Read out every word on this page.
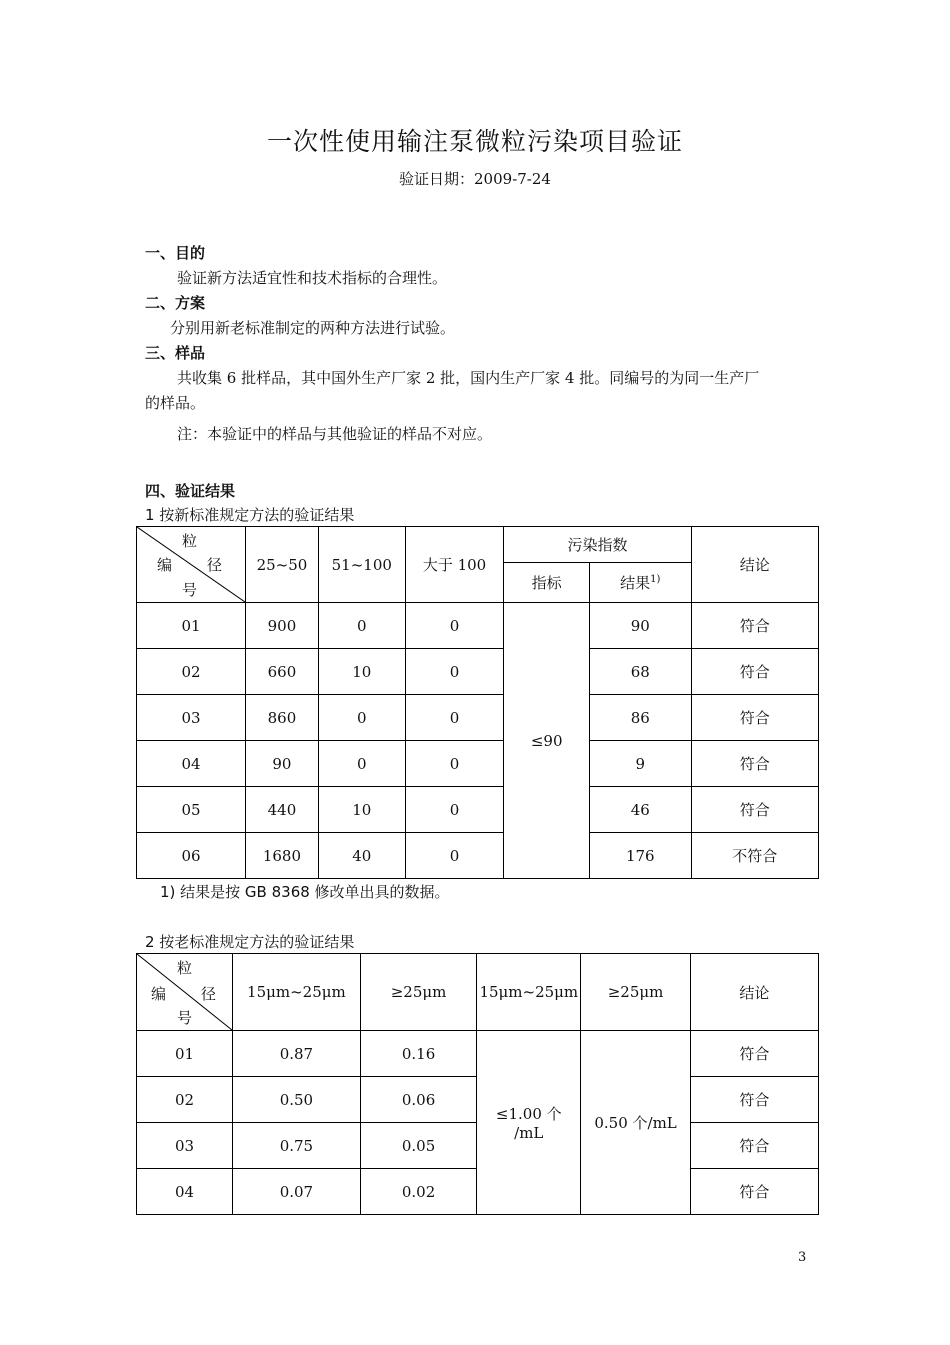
一次性使用输注泵微粒污染项目验证
验证日期：2009-7-24
一、目的
验证新方法适宜性和技术指标的合理性。
二、方案
分别用新老标准制定的两种方法进行试验。
三、样品
共收集 6 批样品，其中国外生产厂家 2 批，国内生产厂家 4 批。同编号的为同一生产厂
的样品。
注：本验证中的样品与其他验证的样品不对应。
四、验证结果
1 按新标准规定方法的验证结果
粒
编 径
号	25~50	51~100	大于 100	污染指数		结论
				指标	结果$^{1)}$
01	900	0	0	≤90	90	符合
02	660	10	0		68	符合
03	860	0	0		86	符合
04	90	0	0		9	符合
05	440	10	0		46	符合
06	1680	40	0		176	不符合
1) 结果是按 GB 8368 修改单出具的数据。
2 按老标准规定方法的验证结果
粒
编 径
号	15μm~25μm	≥25μm	15μm~25μm	≥25μm	结论
01	0.87	0.16	≤1.00 个
/mL	0.50 个/mL	符合
02	0.50	0.06			符合
03	0.75	0.05			符合
04	0.07	0.02			符合
3
